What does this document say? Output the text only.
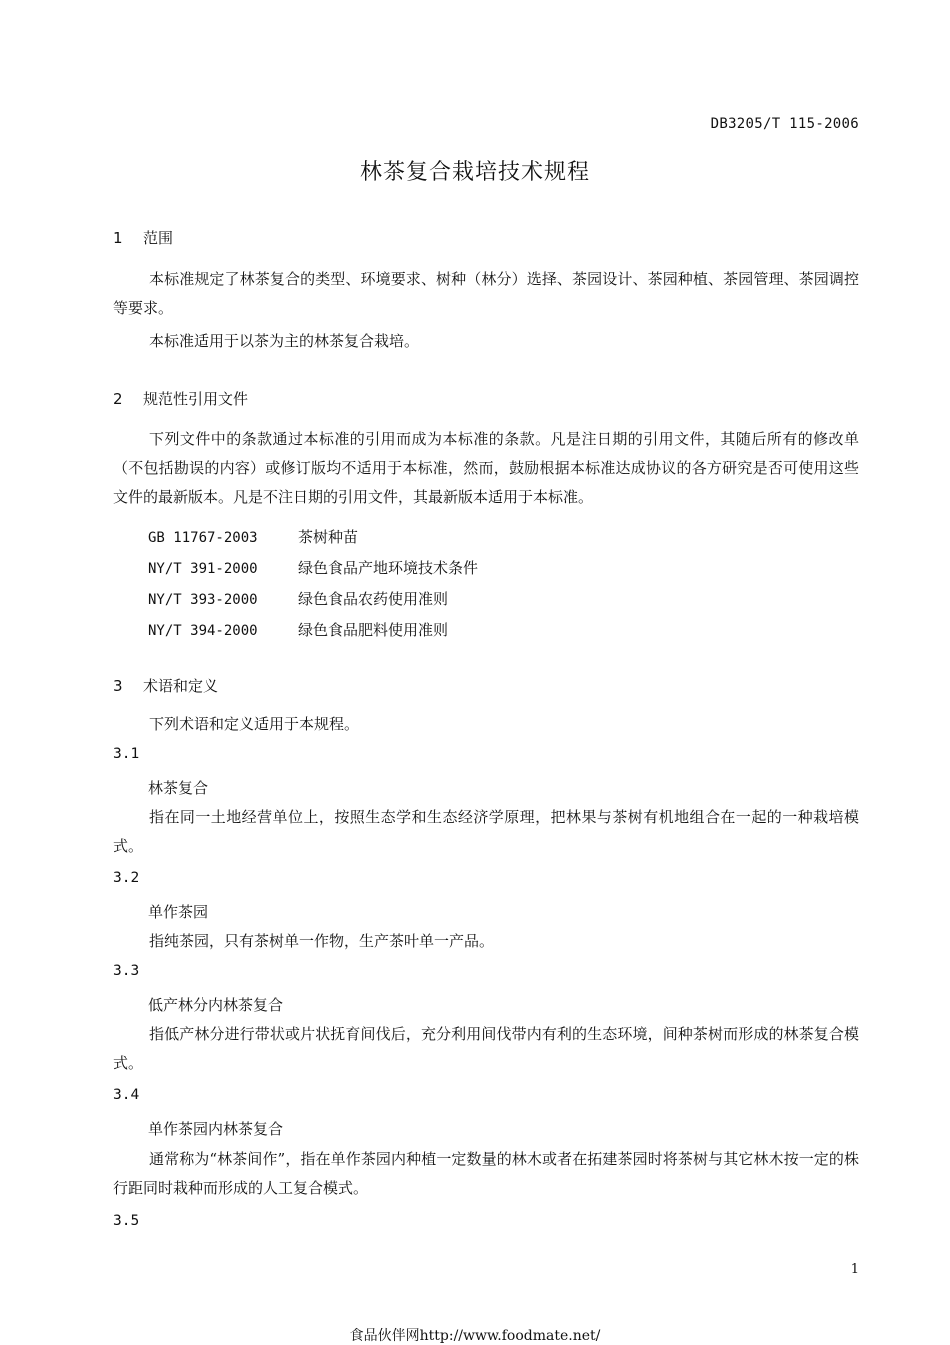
DB3205/T 115-2006
林茶复合栽培技术规程
1 范围
本标准规定了林茶复合的类型、环境要求、树种（林分）选择、茶园设计、茶园种植、茶园管理、茶园调控等要求。
本标准适用于以茶为主的林茶复合栽培。
2 规范性引用文件
下列文件中的条款通过本标准的引用而成为本标准的条款。凡是注日期的引用文件，其随后所有的修改单（不包括勘误的内容）或修订版均不适用于本标准，然而，鼓励根据本标准达成协议的各方研究是否可使用这些文件的最新版本。凡是不注日期的引用文件，其最新版本适用于本标准。
GB 11767-2003	茶树种苗
NY/T 391-2000	绿色食品产地环境技术条件
NY/T 393-2000	绿色食品农药使用准则
NY/T 394-2000	绿色食品肥料使用准则
3 术语和定义
下列术语和定义适用于本规程。
3.1
林茶复合
指在同一土地经营单位上，按照生态学和生态经济学原理，把林果与茶树有机地组合在一起的一种栽培模式。
3.2
单作茶园
指纯茶园，只有茶树单一作物，生产茶叶单一产品。
3.3
低产林分内林茶复合
指低产林分进行带状或片状抚育间伐后，充分利用间伐带内有利的生态环境，间种茶树而形成的林茶复合模式。
3.4
单作茶园内林茶复合
通常称为“林茶间作”，指在单作茶园内种植一定数量的林木或者在拓建茶园时将茶树与其它林木按一定的株行距同时栽种而形成的人工复合模式。
3.5
1
食品伙伴网http://www.foodmate.net/
